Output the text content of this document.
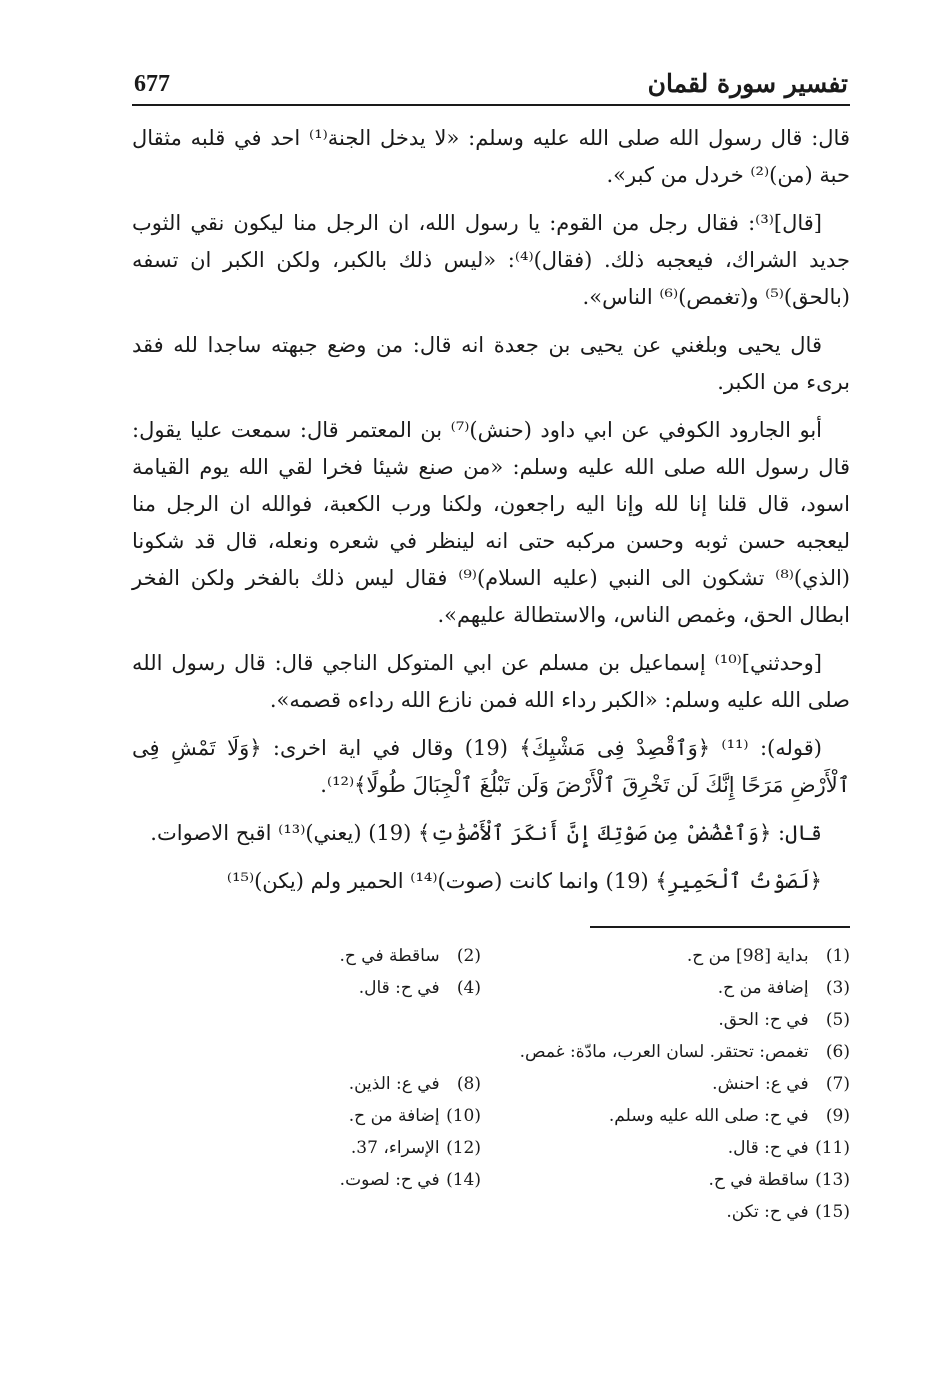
تفسير سورة لقمان
677

قال: قال رسول الله صلى الله عليه وسلم: «لا يدخل الجنة⁽¹⁾ احد في قلبه مثقال حبة (من)⁽²⁾ خردل من كبر».

[قال]⁽³⁾: فقال رجل من القوم: يا رسول الله، ان الرجل منا ليكون نقي الثوب جديد الشراك، فيعجبه ذلك. (فقال)⁽⁴⁾: «ليس ذلك بالكبر، ولكن الكبر ان تسفه (بالحق)⁽⁵⁾ و(تغمص)⁽⁶⁾ الناس».

قال يحيى وبلغني عن يحيى بن جعدة انه قال: من وضع جبهته ساجدا لله فقد برىء من الكبر.

أبو الجارود الكوفي عن ابي داود (حنش)⁽⁷⁾ بن المعتمر قال: سمعت عليا يقول: قال رسول الله صلى الله عليه وسلم: «من صنع شيئا فخرا لقي الله يوم القيامة اسود، قال قلنا إنا لله وإنا اليه راجعون، ولكنا ورب الكعبة، فوالله ان الرجل منا ليعجبه حسن ثوبه وحسن مركبه حتى انه لينظر في شعره ونعله، قال قد شكونا (الذي)⁽⁸⁾ تشكون الى النبي (عليه السلام)⁽⁹⁾ فقال ليس ذلك بالفخر ولكن الفخر ابطال الحق، وغمص الناس، والاستطالة عليهم».

[وحدثني]⁽¹⁰⁾ إسماعيل بن مسلم عن ابي المتوكل الناجي قال: قال رسول الله صلى الله عليه وسلم: «الكبر رداء الله فمن نازع الله رداءه قصمه».

(قوله): ⁽¹¹⁾ ﴿وَٱقْصِدْ فِى مَشْيِكَ﴾ (19) وقال في اية اخرى: ﴿وَلَا تَمْشِ فِى ٱلْأَرْضِ مَرَحًا إِنَّكَ لَن تَخْرِقَ ٱلْأَرْضَ وَلَن تَبْلُغَ ٱلْجِبَالَ طُولًا﴾⁽¹²⁾.

قال: ﴿وَٱغْضُضْ مِن صَوْتِكَ إِنَّ أَنكَرَ ٱلْأَصْوَٰتِ﴾ (19) (يعني)⁽¹³⁾ اقبح الاصوات.

﴿لَصَوْتُ ٱلْحَمِيرِ﴾ (19) وانما كانت (صوت)⁽¹⁴⁾ الحمير ولم (يكن)⁽¹⁵⁾

(1) بداية [98] من ح.
(2) ساقطة في ح.
(3) إضافة من ح.
(4) في ح: قال.
(5) في ح: الحق.
(6) تغمص: تحتقر. لسان العرب، مادّة: غمص.
(7) في ع: احنش.
(8) في ع: الذين.
(9) في ح: صلى الله عليه وسلم.
(10) إضافة من ح.
(11) في ح: قال.
(12) الإسراء، 37.
(13) ساقطة في ح.
(14) في ح: لصوت.
(15) في ح: تكن.
